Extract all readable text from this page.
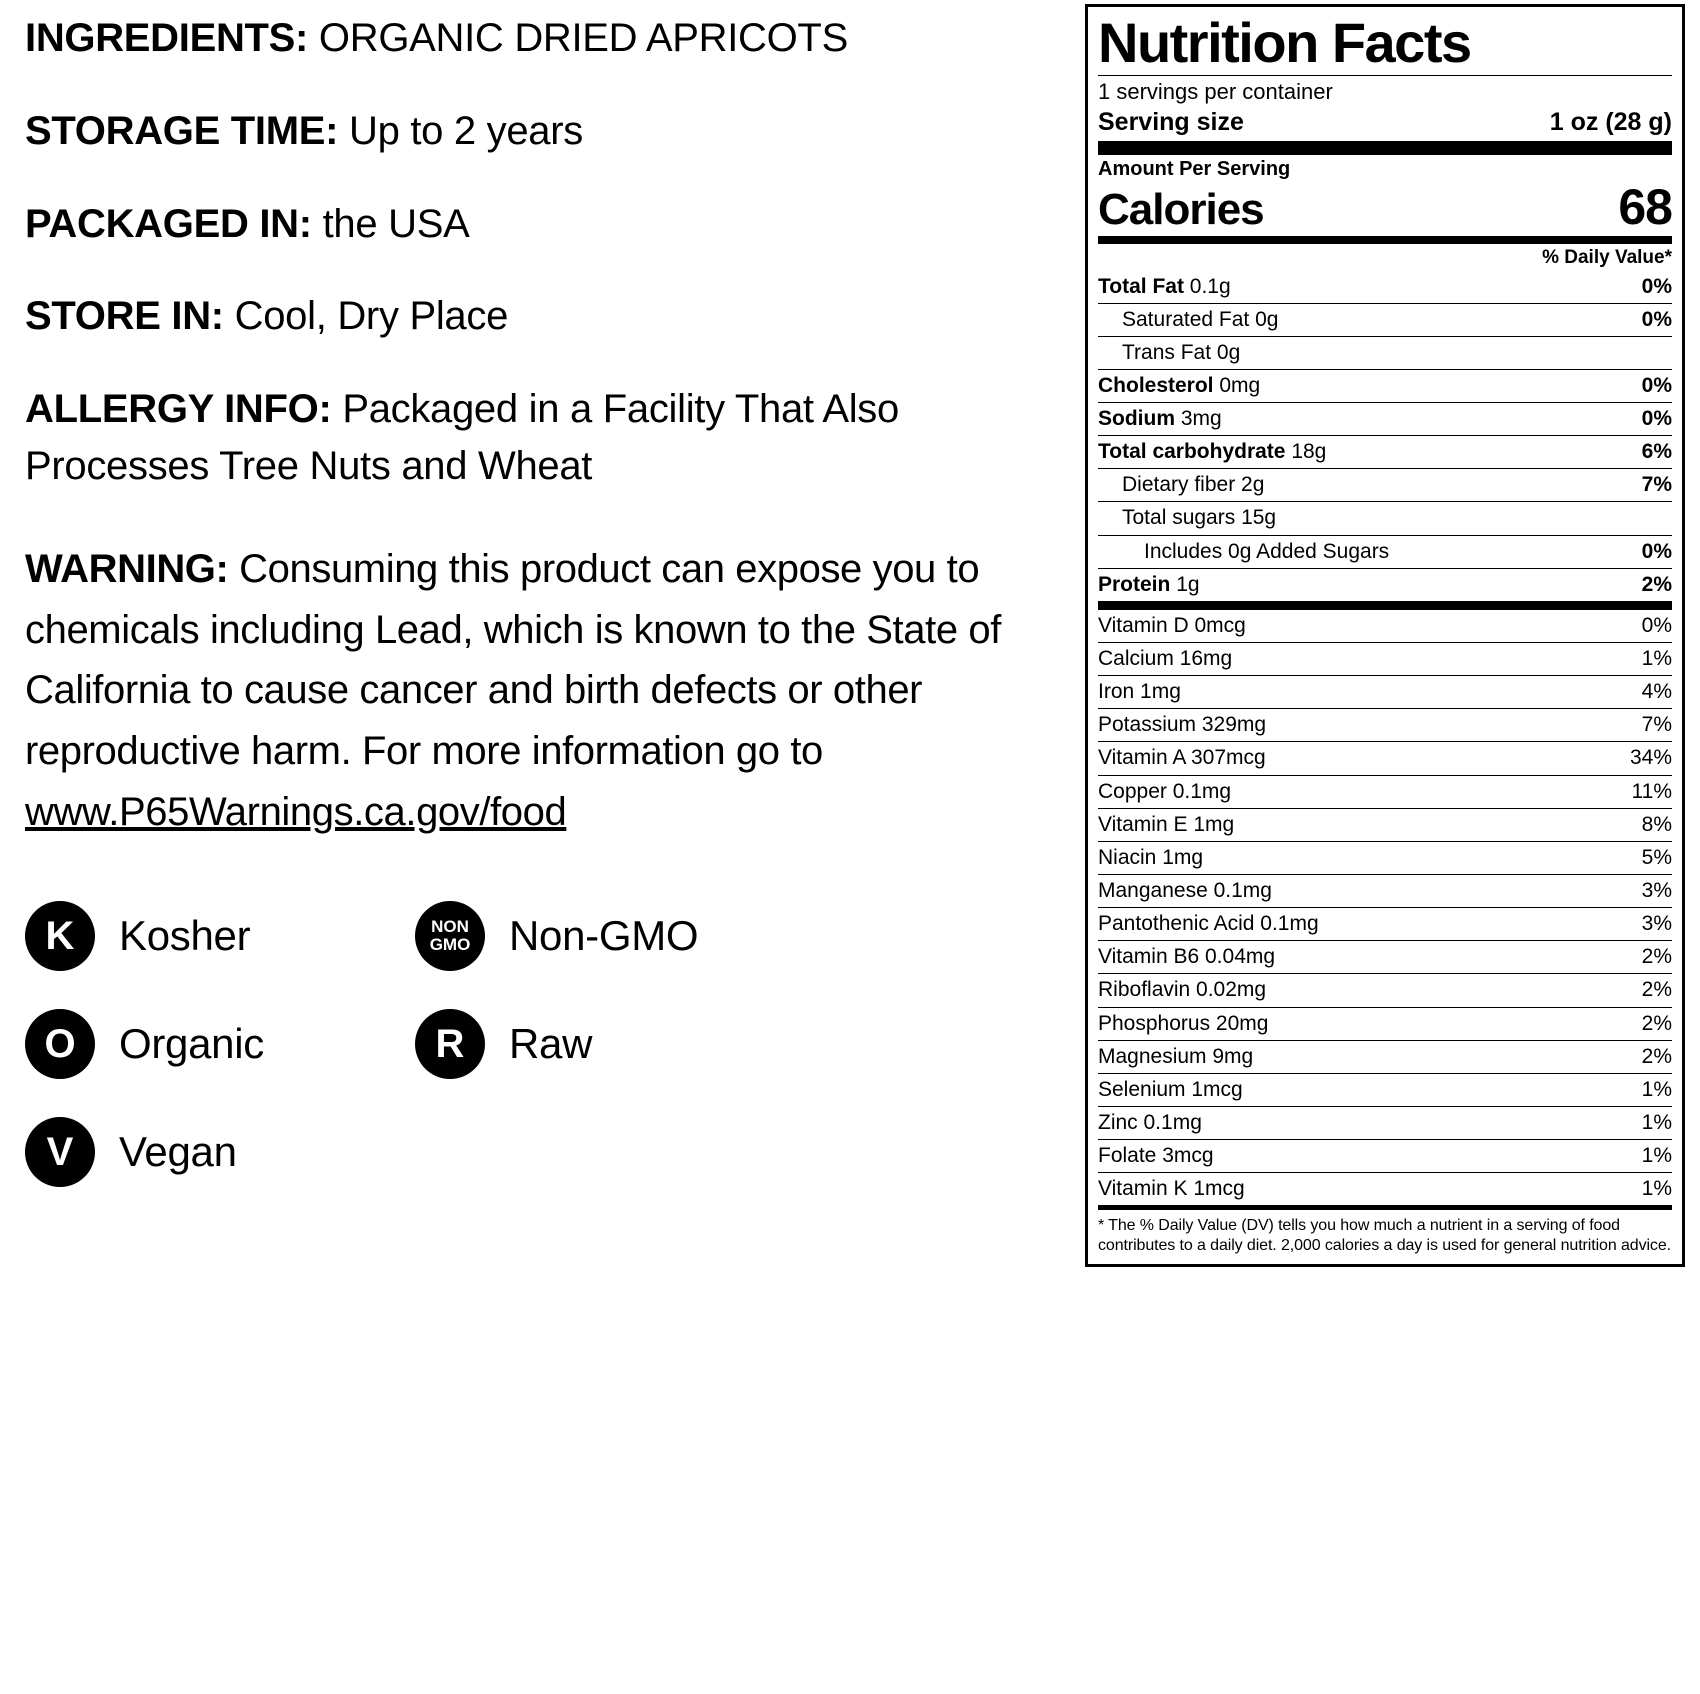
INGREDIENTS: ORGANIC DRIED APRICOTS
STORAGE TIME: Up to 2 years
PACKAGED IN: the USA
STORE IN: Cool, Dry Place
ALLERGY INFO: Packaged in a Facility That Also Processes Tree Nuts and Wheat
WARNING: Consuming this product can expose you to chemicals including Lead, which is known to the State of California to cause cancer and birth defects or other reproductive harm. For more information go to www.P65Warnings.ca.gov/food
K	Kosher	NON
GMO Non-GMO
O	Organic	R	Raw
V	Vegan
Nutrition Facts
1 servings per container
Serving size	1 oz (28 g)
Amount Per Serving
Calories	68
% Daily Value*
Total Fat 0.1g	0%
Saturated Fat 0g	0%
Trans Fat 0g
Cholesterol 0mg	0%
Sodium 3mg	0%
Total carbohydrate 18g	6%
Dietary fiber 2g	7%
Total sugars 15g
Includes 0g Added Sugars	0%
Protein 1g	2%
Vitamin D 0mcg	0%
Calcium 16mg	1%
Iron 1mg	4%
Potassium 329mg	7%
Vitamin A 307mcg	34%
Copper 0.1mg	11%
Vitamin E 1mg	8%
Niacin 1mg	5%
Manganese 0.1mg	3%
Pantothenic Acid 0.1mg	3%
Vitamin B6 0.04mg	2%
Riboflavin 0.02mg	2%
Phosphorus 20mg	2%
Magnesium 9mg	2%
Selenium 1mcg	1%
Zinc 0.1mg	1%
Folate 3mcg	1%
Vitamin K 1mcg	1%
* The % Daily Value (DV) tells you how much a nutrient in a serving of food contributes to a daily diet. 2,000 calories a day is used for general nutrition advice.
